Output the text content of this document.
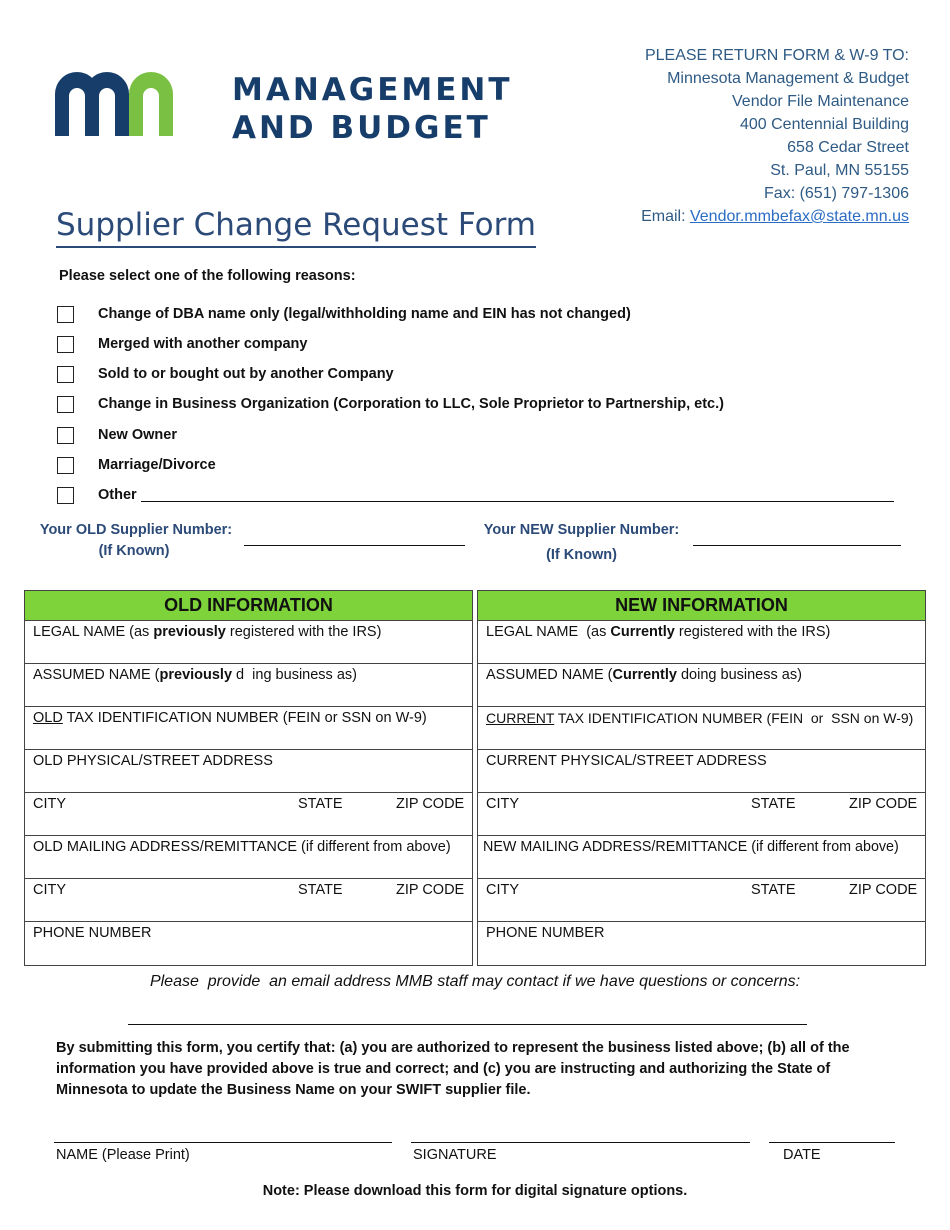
MANAGEMENT
AND BUDGET
PLEASE RETURN FORM & W-9 TO:
Minnesota Management & Budget
Vendor File Maintenance
400 Centennial Building
658 Cedar Street
St. Paul, MN 55155
Fax: (651) 797-1306
Email: Vendor.mmbefax@state.mn.us
Supplier Change Request Form
Please select one of the following reasons:
Change of DBA name only (legal/withholding name and EIN has not changed)
Merged with another company
Sold to or bought out by another Company
Change in Business Organization (Corporation to LLC, Sole Proprietor to Partnership, etc.)
New Owner
Marriage/Divorce
Other
Your OLD Supplier Number:
(If Known)
Your NEW Supplier Number:
(If Known)
OLD INFORMATION
LEGAL NAME (as previously registered with the IRS)
ASSUMED NAME (previously d  ing business as)
OLD TAX IDENTIFICATION NUMBER (FEIN or SSN on W-9)
OLD PHYSICAL/STREET ADDRESS
CITY	STATE	ZIP CODE
OLD MAILING ADDRESS/REMITTANCE (if different from above)
CITY	STATE	ZIP CODE
PHONE NUMBER
NEW INFORMATION
LEGAL NAME  (as Currently registered with the IRS)
ASSUMED NAME (Currently doing business as)
CURRENT TAX IDENTIFICATION NUMBER (FEIN  or  SSN on W-9)
CURRENT PHYSICAL/STREET ADDRESS
CITY	STATE	ZIP CODE
NEW MAILING ADDRESS/REMITTANCE (if different from above)
CITY	STATE	ZIP CODE
PHONE NUMBER
Please  provide  an email address MMB staff may contact if we have questions or concerns:
By submitting this form, you certify that: (a) you are authorized to represent the business listed above; (b) all of the information you have provided above is true and correct; and (c) you are instructing and authorizing the State of Minnesota to update the Business Name on your SWIFT supplier file.
NAME (Please Print)	SIGNATURE	DATE
Note: Please download this form for digital signature options.
